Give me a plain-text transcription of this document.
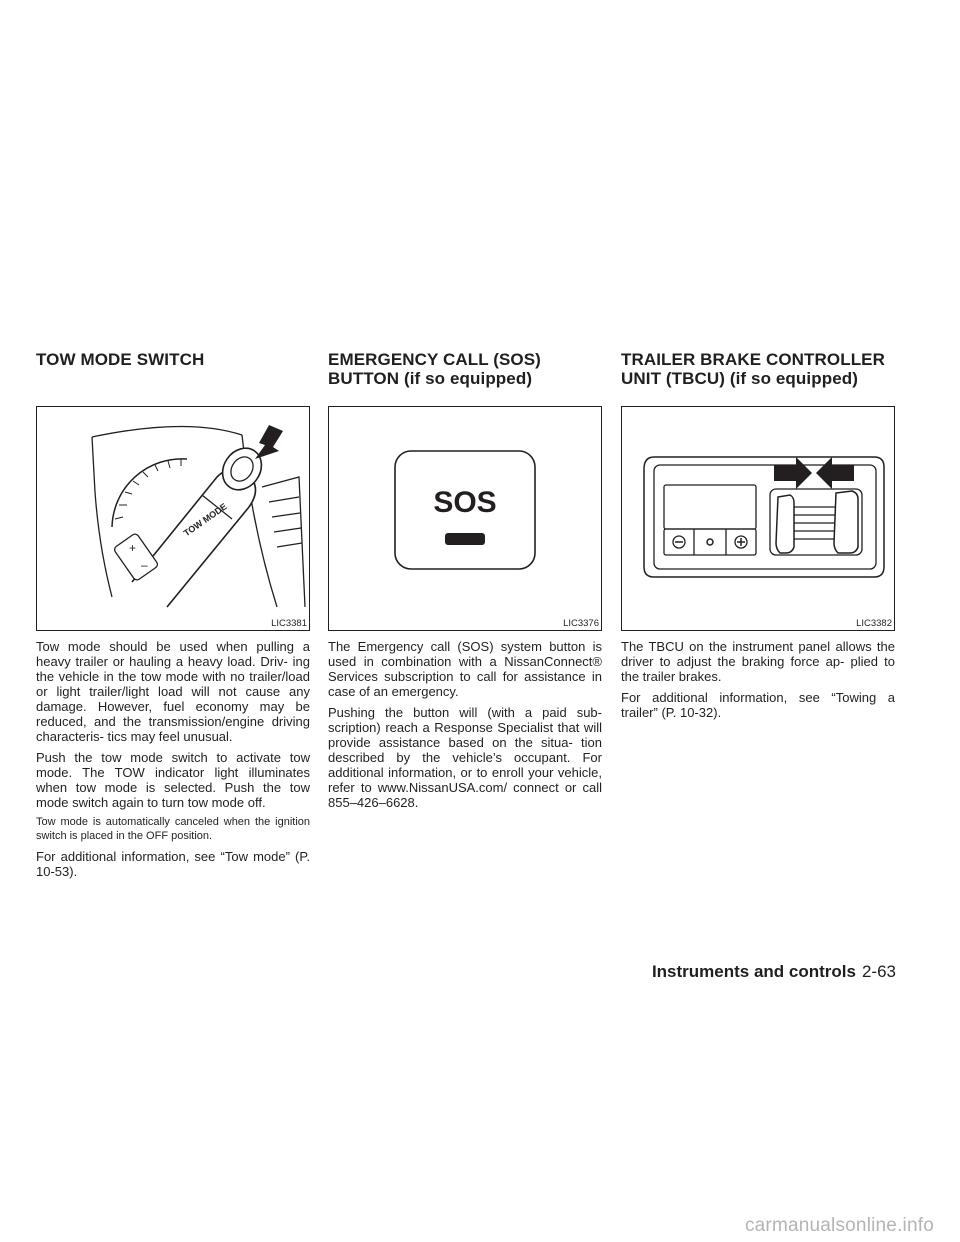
TOW MODE SWITCH
TOW MODE
+
–
LIC3381

Tow mode should be used when pulling a heavy trailer or hauling a heavy load. Driv- ing the vehicle in the tow mode with no trailer/load or light trailer/light load will not cause any damage. However, fuel economy may be reduced, and the transmission/engine driving characteris- tics may feel unusual.

Push the tow mode switch to activate tow mode. The TOW indicator light illuminates when tow mode is selected. Push the tow mode switch again to turn tow mode off.

Tow mode is automatically canceled when the ignition switch is placed in the OFF position.

For additional information, see “Tow mode” (P. 10-53).

EMERGENCY CALL (SOS) BUTTON (if so equipped)
SOS
LIC3376

The Emergency call (SOS) system button is used in combination with a NissanConnect® Services subscription to call for assistance in case of an emergency.

Pushing the button will (with a paid sub- scription) reach a Response Specialist that will provide assistance based on the situa- tion described by the vehicle’s occupant. For additional information, or to enroll your vehicle, refer to www.NissanUSA.com/ connect or call 855–426–6628.

TRAILER BRAKE CONTROLLER UNIT (TBCU) (if so equipped)
LIC3382

The TBCU on the instrument panel allows the driver to adjust the braking force ap- plied to the trailer brakes.

For additional information, see “Towing a trailer” (P. 10-32).

Instruments and controls 2-63
carmanualsonline.info
